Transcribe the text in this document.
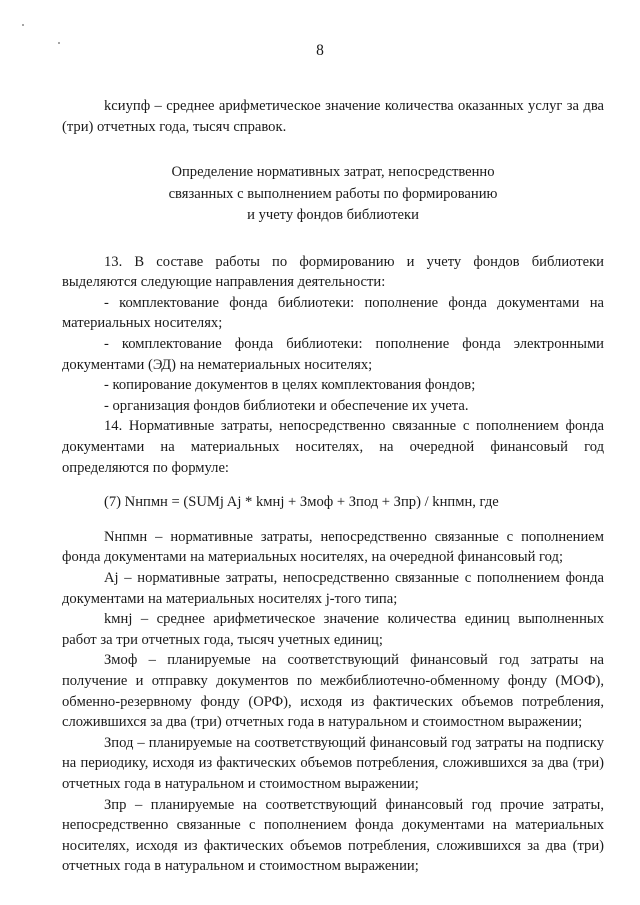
8

kсиупф – среднее арифметическое значение количества оказанных услуг за два (три) отчетных года, тысяч справок.

Определение нормативных затрат, непосредственно
связанных с выполнением работы по формированию
и учету фондов библиотеки

13. В составе работы по формированию и учету фондов библиотеки выделяются следующие направления деятельности:

- комплектование фонда библиотеки: пополнение фонда документами на материальных носителях;

- комплектование фонда библиотеки: пополнение фонда электронными документами (ЭД) на нематериальных носителях;

- копирование документов в целях комплектования фондов;

- организация фондов библиотеки и обеспечение их учета.

14. Нормативные затраты, непосредственно связанные с пополнением фонда документами на материальных носителях, на очередной финансовый год определяются по формуле:

(7) Nнпмн = (SUMj Aj * kмнj + Змоф + Зпод + Зпр) / kнпмн, где

Nнпмн – нормативные затраты, непосредственно связанные с пополнением фонда документами на материальных носителях, на очередной финансовый год;

Aj – нормативные затраты, непосредственно связанные с пополнением фонда документами на материальных носителях j-того типа;

kмнj – среднее арифметическое значение количества единиц выполненных работ за три отчетных года, тысяч учетных единиц;

Змоф – планируемые на соответствующий финансовый год затраты на получение и отправку документов по межбиблиотечно-обменному фонду (МОФ), обменно-резервному фонду (ОРФ), исходя из фактических объемов потребления, сложившихся за два (три) отчетных года в натуральном и стоимостном выражении;

Зпод – планируемые на соответствующий финансовый год затраты на подписку на периодику, исходя из фактических объемов потребления, сложившихся за два (три) отчетных года в натуральном и стоимостном выражении;

Зпр – планируемые на соответствующий финансовый год прочие затраты, непосредственно связанные с пополнением фонда документами на материальных носителях, исходя из фактических объемов потребления, сложившихся за два (три) отчетных года в натуральном и стоимостном выражении;
